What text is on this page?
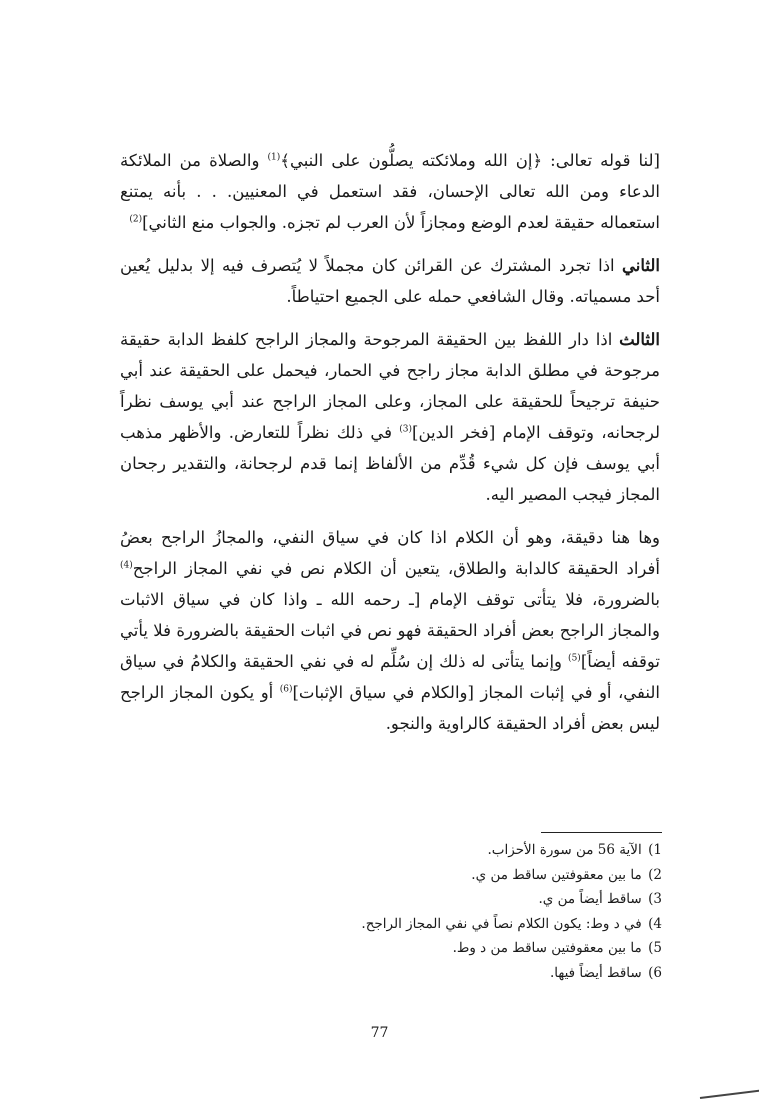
[لنا قوله تعالى: ﴿إن الله وملائكته يصلُّون على النبي﴾$^{(1)}$ والصلاة من الملائكة الدعاء ومن الله تعالى الإحسان، فقد استعمل في المعنيين. . . بأنه يمتنع استعماله حقيقة لعدم الوضع ومجازاً لأن العرب لم تجزه. والجواب منع الثاني]$^{(2)}$

الثاني اذا تجرد المشترك عن القرائن كان مجملاً لا يُتصرف فيه إلا بدليل يُعين أحد مسمياته. وقال الشافعي حمله على الجميع احتياطاً.

الثالث اذا دار اللفظ بين الحقيقة المرجوحة والمجاز الراجح كلفظ الدابة حقيقة مرجوحة في مطلق الدابة مجاز راجح في الحمار، فيحمل على الحقيقة عند أبي حنيفة ترجيحاً للحقيقة على المجاز، وعلى المجاز الراجح عند أبي يوسف نظراً لرجحانه، وتوقف الإمام [فخر الدين]$^{(3)}$ في ذلك نظراً للتعارض. والأظهر مذهب أبي يوسف فإن كل شيء قُدِّم من الألفاظ إنما قدم لرجحانة، والتقدير رجحان المجاز فيجب المصير اليه.

وها هنا دقيقة، وهو أن الكلام اذا كان في سياق النفي، والمجازُ الراجح بعضُ أفراد الحقيقة كالدابة والطلاق، يتعين أن الكلام نص في نفي المجاز الراجح$^{(4)}$ بالضرورة، فلا يتأتى توقف الإمام [ـ رحمه الله ـ واذا كان في سياق الاثبات والمجاز الراجح بعض أفراد الحقيقة فهو نص في اثبات الحقيقة بالضرورة فلا يأتي توقفه أيضاً]$^{(5)}$ وإنما يتأتى له ذلك إن سُلِّم له في نفي الحقيقة والكلامُ في سياق النفي، أو في إثبات المجاز [والكلام في سياق الإثبات]$^{(6)}$ أو يكون المجاز الراجح ليس بعض أفراد الحقيقة كالراوية والنجو.

1) الآية 56 من سورة الأحزاب.
2) ما بين معقوفتين ساقط من ي.
3) ساقط أيضاً من ي.
4) في د وط: يكون الكلام نصاً في نفي المجاز الراجح.
5) ما بين معقوفتين ساقط من د وط.
6) ساقط أيضاً فيها.
77
